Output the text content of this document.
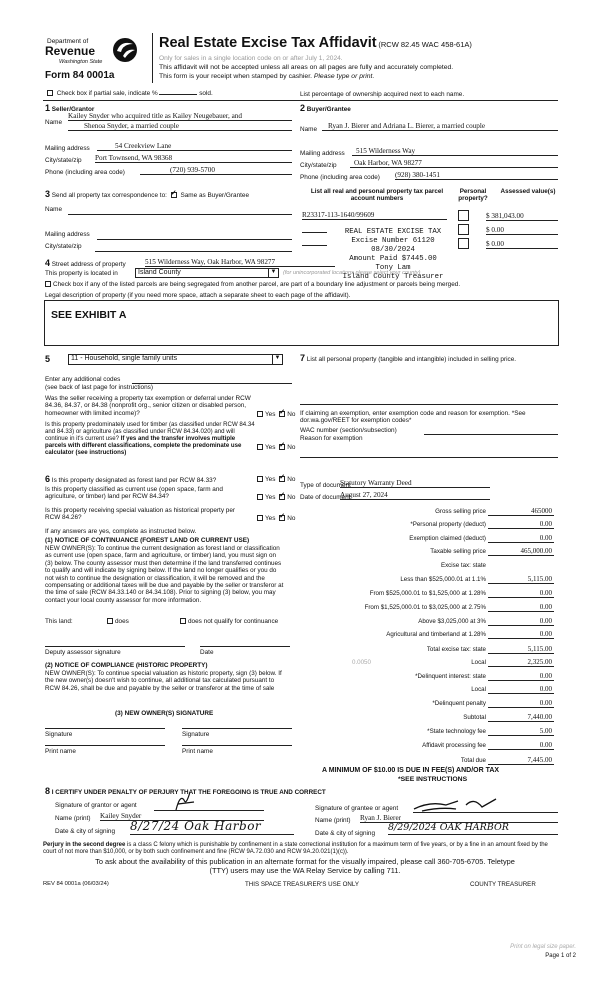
Department of
Revenue
Washington State
Form 84 0001a
Real Estate Excise Tax Affidavit (RCW 82.45 WAC 458-61A)
Only for sales in a single location code on or after July 1, 2024.
This affidavit will not be accepted unless all areas on all pages are fully and accurately completed.
This form is your receipt when stamped by cashier. Please type or print.
Check box if partial sale, indicate %	sold.	List percentage of ownership acquired next to each name.
1 Seller/Grantor
Name
Kailey Snyder who acquired title as Kailey Neugebauer, and
Shenoa Snyder, a married couple
Mailing address	54 Creekview Lane
City/state/zip Port Townsend, WA 98368
Phone (including area code)	(720) 939-5700
2 Buyer/Grantee
Name	Ryan J. Bierer and Adriana L. Bierer, a married couple
Mailing address	515 Wilderness Way
City/state/zip	Oak Harbor, WA 98277
Phone (including area code) (928) 380-1451
3 Send all property tax correspondence to: ✓ Same as Buyer/Grantee
Name
Mailing address
City/state/zip
List all real and personal property tax parcel account numbers
Personal property?
Assessed value(s)
R23317-113-1640/99609	$ 381,043.00
$ 0.00
$ 0.00
REAL ESTATE EXCISE TAX
Excise Number 61120
08/30/2024
Amount Paid $7445.00
Tony Lam
Island County Treasurer
4 Street address of property	515 Wilderness Way, Oak Harbor, WA 98277
This property is located in	Island County	▼ (for unincorporated locations please select your county)
Check box if any of the listed parcels are being segregated from another parcel, are part of a boundary line adjustment or parcels being merged.
Legal description of property (if you need more space, attach a separate sheet to each page of the affidavit).
SEE EXHIBIT A
5	11 - Household, single family units	▼
Enter any additional codes
(see back of last page for instructions)
Was the seller receiving a property tax exemption or deferral under RCW 84.36, 84.37, or 84.38 (nonprofit org., senior citizen or disabled person, homeowner with limited income)?	Yes ✓ No
Is this property predominately used for timber (as classified under RCW 84.34 and 84.33) or agriculture (as classified under RCW 84.34.020) and will continue in it's current use? If yes and the transfer involves multiple parcels with different classifications, complete the predominate use calculator (see instructions)
Yes ✓ No
6 Is this property designated as forest land per RCW 84.33?	Yes ✓ No
Is this property classified as current use (open space, farm and agriculture, or timber) land per RCW 84.34?	Yes ✓ No
Is this property receiving special valuation as historical property per RCW 84.26?	Yes ✓ No
If any answers are yes, complete as instructed below.
(1) NOTICE OF CONTINUANCE (FOREST LAND OR CURRENT USE)
NEW OWNER(S): To continue the current designation as forest land or classification as current use (open space, farm and agriculture, or timber) land, you must sign on (3) below. The county assessor must then determine if the land transferred continues to qualify and will indicate by signing below. If the land no longer qualifies or you do not wish to continue the designation or classification, it will be removed and the compensating or additional taxes will be due and payable by the seller or transferor at the time of sale (RCW 84.33.140 or 84.34.108). Prior to signing (3) below, you may contact your local county assessor for more information.
This land:	does	does not qualify for continuance
Deputy assessor signature	Date
(2) NOTICE OF COMPLIANCE (HISTORIC PROPERTY)
NEW OWNER(S): To continue special valuation as historic property, sign (3) below. If the new owner(s) doesn't wish to continue, all additional tax calculated pursuant to RCW 84.26, shall be due and payable by the seller or transferor at the time of sale
(3) NEW OWNER(S) SIGNATURE
Signature	Signature
Print name	Print name
7 List all personal property (tangible and intangible) included in selling price.
If claiming an exemption, enter exemption code and reason for exemption. *See dor.wa.gov/REET for exemption codes*
WAC number (section/subsection)
Reason for exemption
Type of document
Statutory Warranty Deed
Date of document
August 27, 2024
Gross selling price	465000
*Personal property (deduct)	0.00
Exemption claimed (deduct)	0.00
Taxable selling price	465,000.00
Excise tax: state
Less than $525,000.01 at 1.1%	5,115.00
From $525,000.01 to $1,525,000 at 1.28%	0.00
From $1,525,000.01 to $3,025,000 at 2.75%	0.00
Above $3,025,000 at 3%	0.00
Agricultural and timberland at 1.28%	0.00
Total excise tax: state	5,115.00
0.0050	Local	2,325.00
*Delinquent interest: state	0.00
Local	0.00
*Delinquent penalty	0.00
Subtotal	7,440.00
*State technology fee	5.00
Affidavit processing fee	0.00
Total due	7,445.00
A MINIMUM OF $10.00 IS DUE IN FEE(S) AND/OR TAX
*SEE INSTRUCTIONS
8 I CERTIFY UNDER PENALTY OF PERJURY THAT THE FOREGOING IS TRUE AND CORRECT
Signature of grantor or agent
Name (print) Kailey Snyder
Date & city of signing 8/27/24 Oak Harbor
Signature of grantee or agent
Name (print) Ryan J. Bierer
Date & city of signing
8/29/2024 OAK HARBOR
Perjury in the second degree is a class C felony which is punishable by confinement in a state correctional institution for a maximum term of five years, or by a fine in an amount fixed by the court of not more than $10,000, or by both such confinement and fine (RCW 9A.72.030 and RCW 9A.20.021(1)(c)).
To ask about the availability of this publication in an alternate format for the visually impaired, please call 360-705-6705. Teletype
(TTY) users may use the WA Relay Service by calling 711.
REV 84 0001a (06/03/24)	THIS SPACE TREASURER'S USE ONLY	COUNTY TREASURER
Print on legal size paper.
Page 1 of 2
